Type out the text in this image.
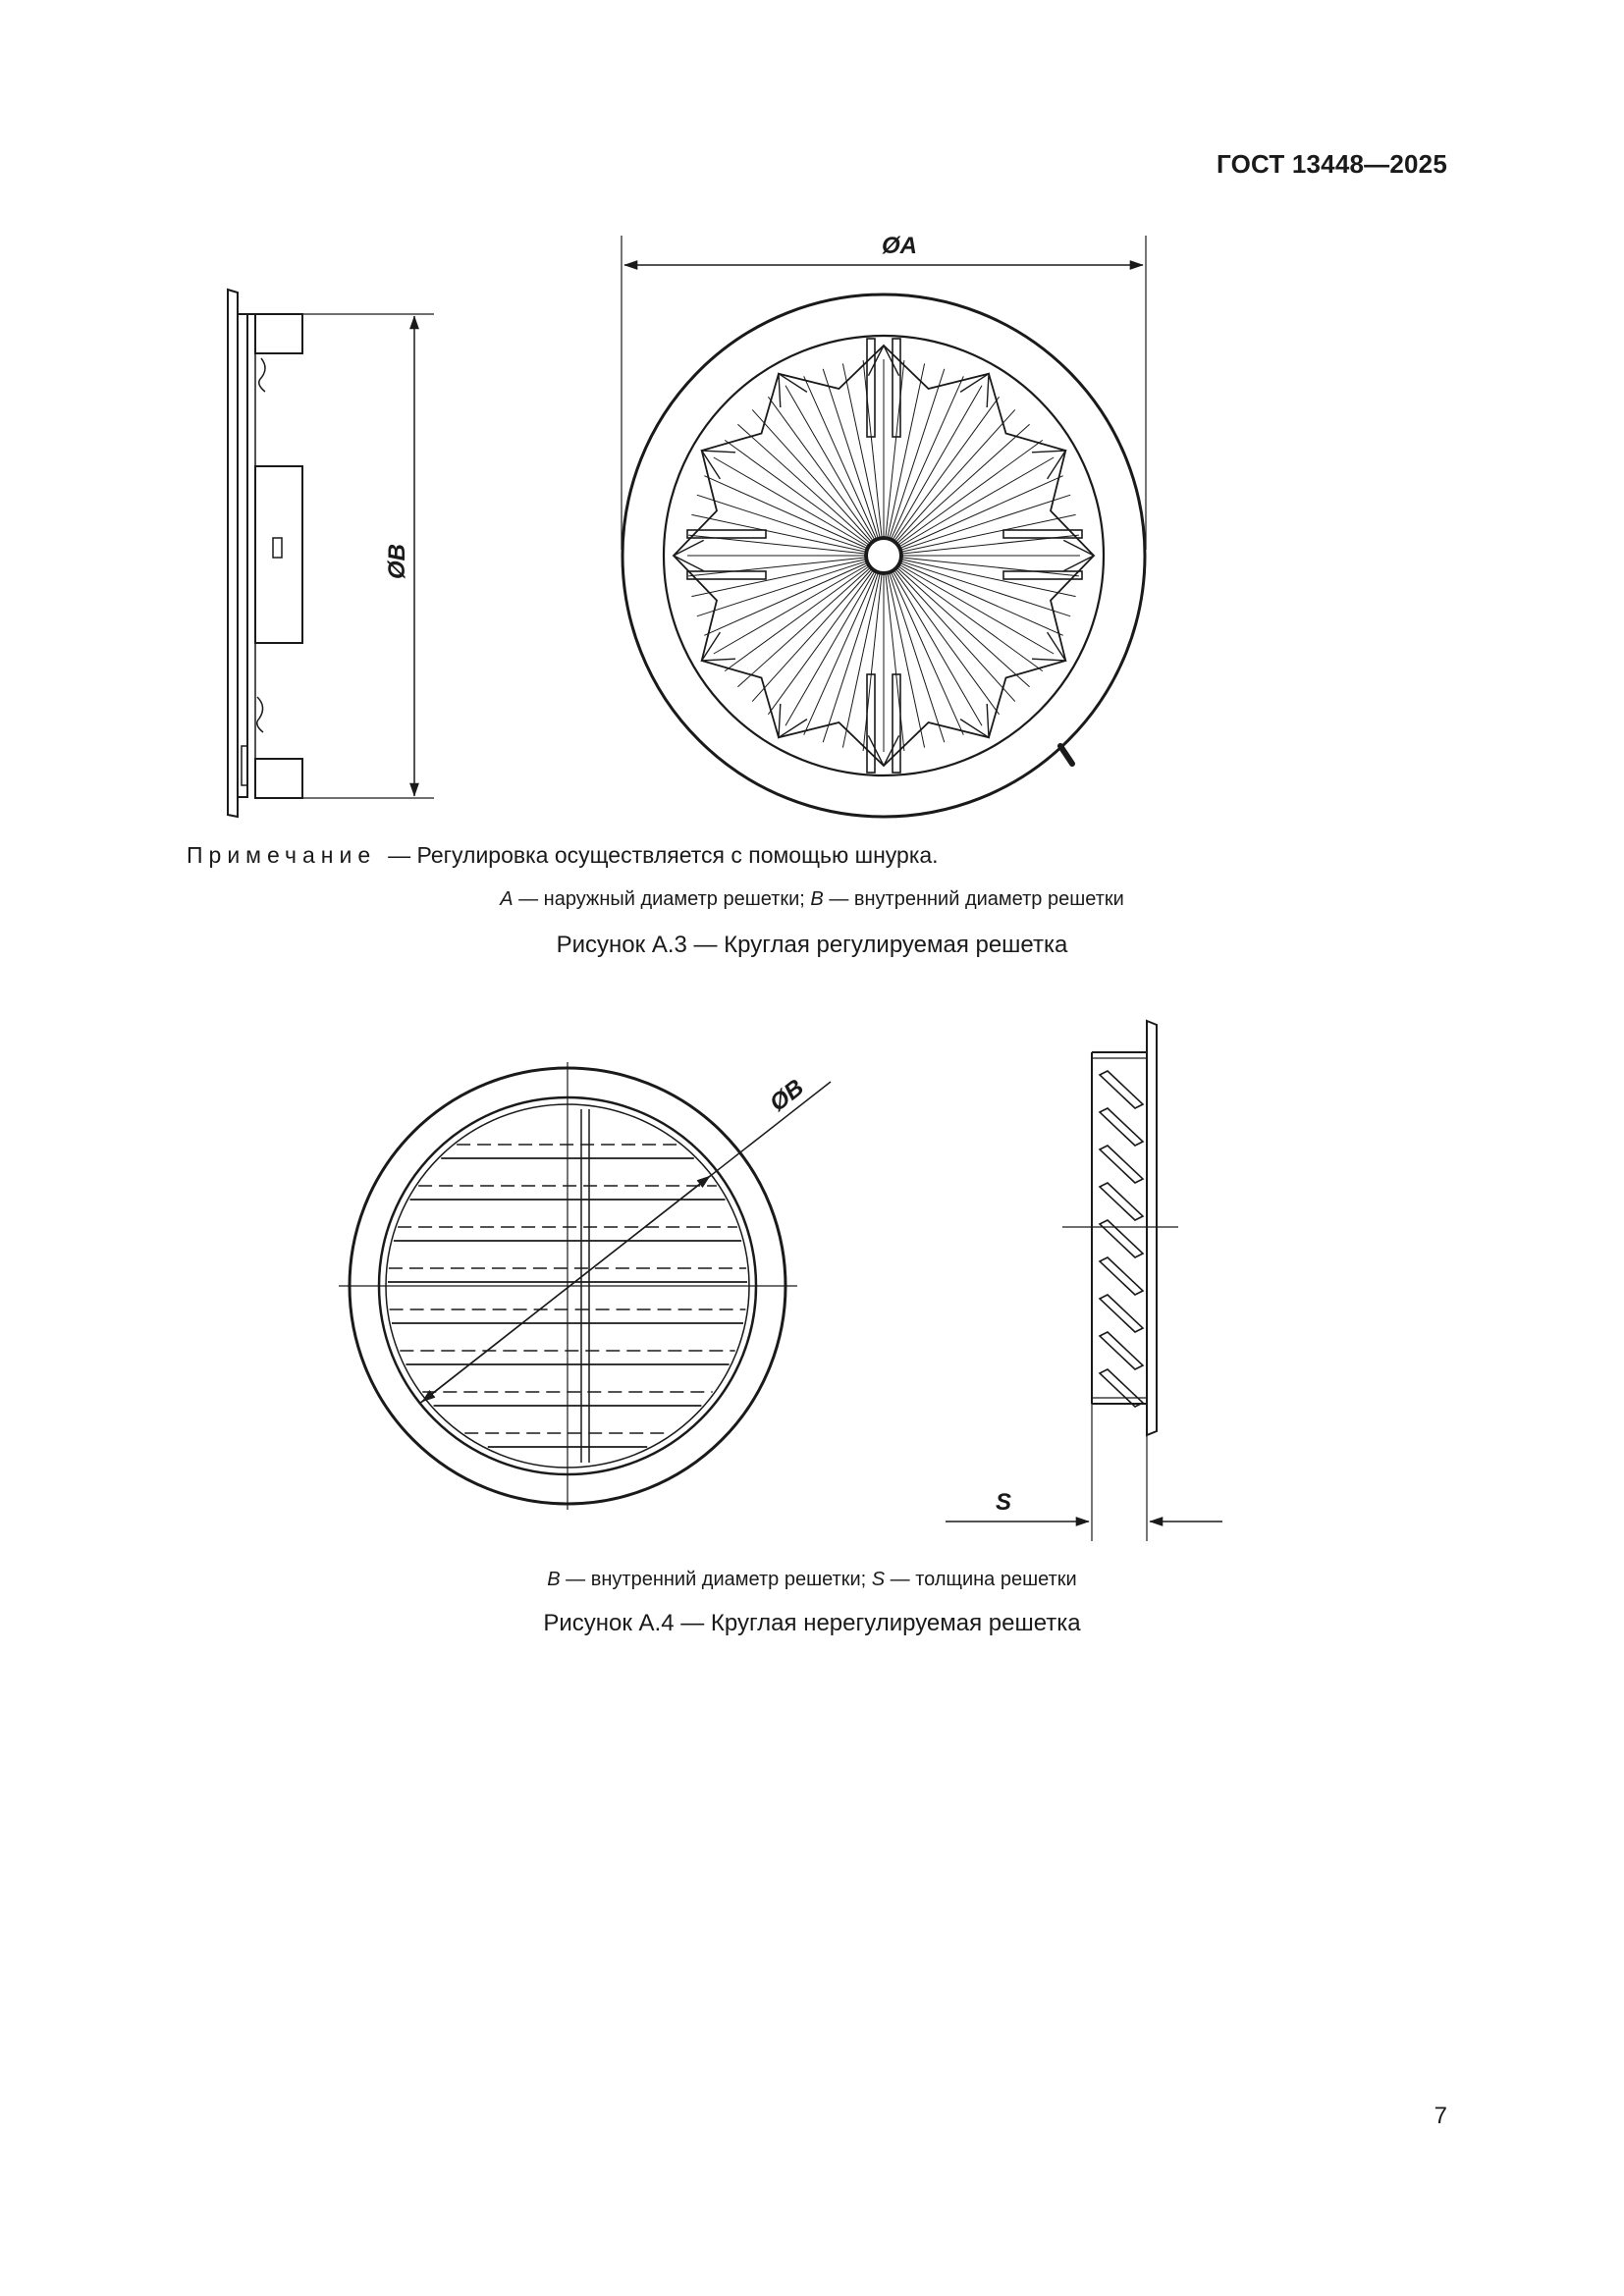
ГОСТ 13448—2025
ØB
ØA
ØB
S
Примечание — Регулировка осуществляется с помощью шнурка.
A — наружный диаметр решетки; B — внутренний диаметр решетки
Рисунок А.3 — Круглая регулируемая решетка
B — внутренний диаметр решетки; S — толщина решетки
Рисунок А.4 — Круглая нерегулируемая решетка
7
